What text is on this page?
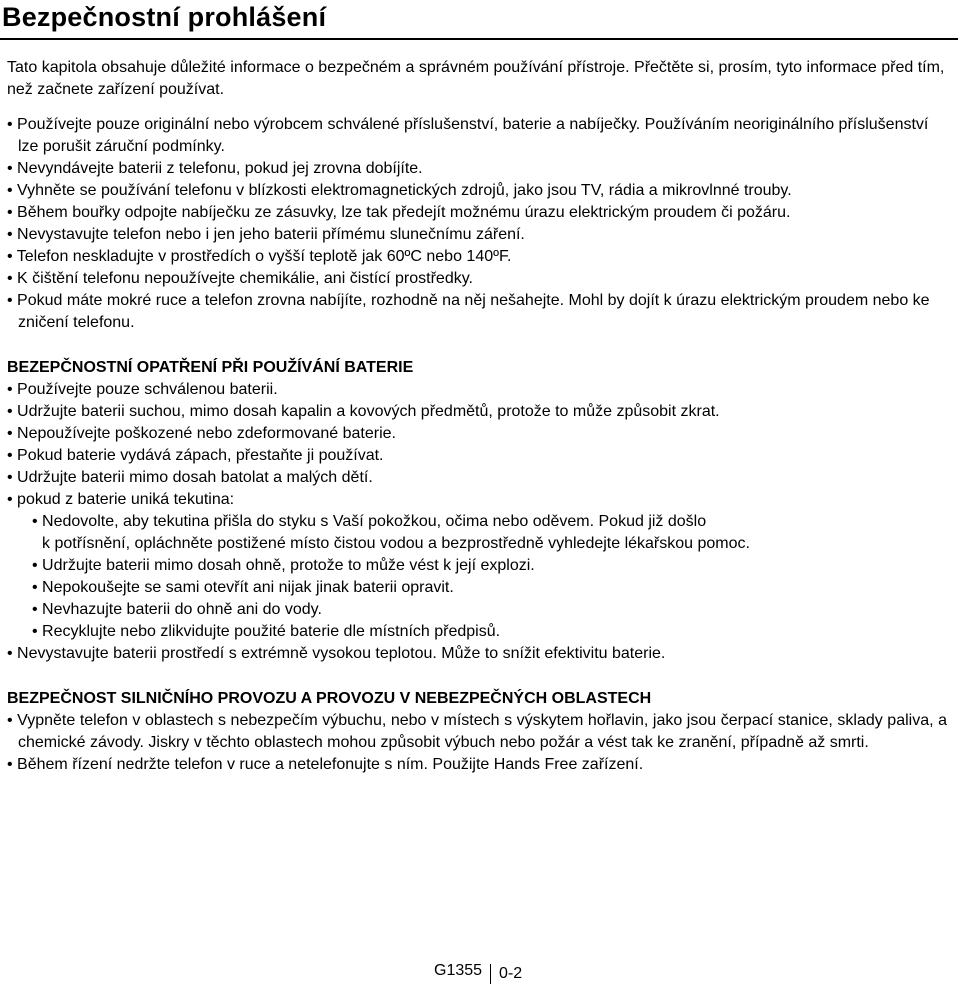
Bezpečnostní prohlášení

Tato kapitola obsahuje důležité informace o bezpečném a správném používání přístroje. Přečtěte si, prosím, tyto informace před tím, než začnete zařízení používat.

• Používejte pouze originální nebo výrobcem schválené příslušenství, baterie a nabíječky. Používáním neoriginálního příslušenství lze porušit záruční podmínky.
• Nevyndávejte baterii z telefonu, pokud jej zrovna dobíjíte.
• Vyhněte se používání telefonu v blízkosti elektromagnetických zdrojů, jako jsou TV, rádia a mikrovlnné trouby.
• Během bouřky odpojte nabíječku ze zásuvky, lze tak předejít možnému úrazu elektrickým proudem či požáru.
• Nevystavujte telefon nebo i jen jeho baterii přímému slunečnímu záření.
• Telefon neskladujte v prostředích o vyšší teplotě jak 60ºC nebo 140ºF.
• K čištění telefonu nepoužívejte chemikálie, ani čistící prostředky.
• Pokud máte mokré ruce a telefon zrovna nabíjíte, rozhodně na něj nešahejte. Mohl by dojít k úrazu elektrickým proudem nebo ke zničení telefonu.
BEZEPČNOSTNÍ OPATŘENÍ PŘI POUŽÍVÁNÍ BATERIE
• Používejte pouze schválenou baterii.
• Udržujte baterii suchou, mimo dosah kapalin a kovových předmětů, protože to může způsobit zkrat.
• Nepoužívejte poškozené nebo zdeformované baterie.
• Pokud baterie vydává zápach, přestaňte ji používat.
• Udržujte baterii mimo dosah batolat a malých dětí.
• pokud z baterie uniká tekutina:
• Nedovolte, aby tekutina přišla do styku s Vaší pokožkou, očima nebo oděvem. Pokud již došlo
k potřísnění, opláchněte postižené místo čistou vodou a bezprostředně vyhledejte lékařskou pomoc.
• Udržujte baterii mimo dosah ohně, protože to může vést k její explozi.
• Nepokoušejte se sami otevřít ani nijak jinak baterii opravit.
• Nevhazujte baterii do ohně ani do vody.
• Recyklujte nebo zlikvidujte použité baterie dle místních předpisů.
• Nevystavujte baterii prostředí s extrémně vysokou teplotou. Může to snížit efektivitu baterie.
BEZPEČNOST SILNIČNÍHO PROVOZU A PROVOZU V NEBEZPEČNÝCH OBLASTECH
• Vypněte telefon v oblastech s nebezpečím výbuchu, nebo v místech s výskytem hořlavin, jako jsou čerpací stanice, sklady paliva, a chemické závody. Jiskry v těchto oblastech mohou způsobit výbuch nebo požár a vést tak ke zranění, případně až smrti.
• Během řízení nedržte telefon v ruce a netelefonujte s ním. Použijte Hands Free zařízení.
G1355 0-2
